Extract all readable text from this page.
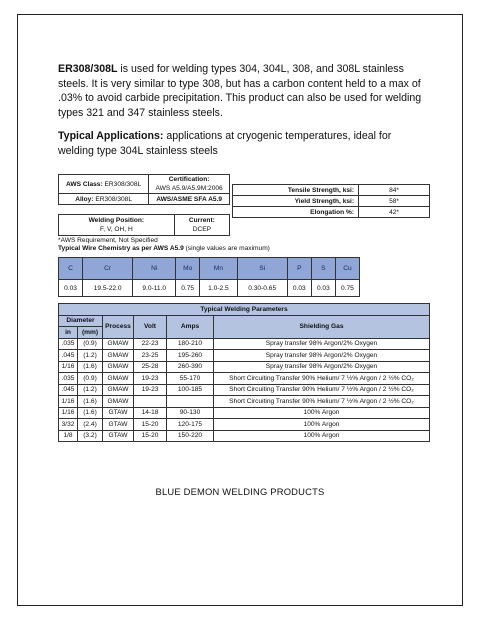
ER308/308L is used for welding types 304, 304L, 308, and 308L stainless steels. It is very similar to type 308, but has a carbon content held to a max of .03% to avoid carbide precipitation. This product can also be used for welding types 321 and 347 stainless steels.
Typical Applications: applications at cryogenic temperatures, ideal for welding type 304L stainless steels
AWS Class: ER308/308L	Certification:
AWS A5.9/A5.9M:2006
Alloy: ER308/308L	AWS/ASME SFA A5.9
Welding Position:
F, V, OH, H	Current:
DCEP
Tensile Strength, ksi:	84*
Yield Strength, ksi:	58*
Elongation %:	42*
*AWS Requirement, Not Specified
Typical Wire Chemistry as per AWS A5.9 (single values are maximum)
C	Cr	Ni	Mo	Mn	Si	P	S	Cu
0.03	19.5-22.0	9.0-11.0	0.75	1.0-2.5	0.30-0.65	0.03	0.03	0.75
Typical Welding Parameters					
Diameter		Process	Volt	Amps	Shielding Gas
in	(mm)				
.035	(0.9)	GMAW	22-23	180-210	Spray transfer 98% Argon/2% Oxygen
.045	(1.2)	GMAW	23-25	195-260	Spray transfer 98% Argon/2% Oxygen
1/16	(1.6)	GMAW	25-28	260-390	Spray transfer 98% Argon/2% Oxygen
.035	(0.9)	GMAW	19-23	55-170	Short Circuiting Transfer 90% Helium/ 7 ½% Argon / 2 ½% CO₂
.045	(1.2)	GMAW	19-23	100-185	Short Circuiting Transfer 90% Helium/ 7 ½% Argon / 2 ½% CO₂
1/16	(1.6)	GMAW			Short Circuiting Transfer 90% Helium/ 7 ½% Argon / 2 ½% CO₂
1/16	(1.6)	GTAW	14-18	90-130	100% Argon
3/32	(2.4)	GTAW	15-20	120-175	100% Argon
1/8	(3.2)	GTAW	15-20	150-220	100% Argon
BLUE DEMON WELDING PRODUCTS
